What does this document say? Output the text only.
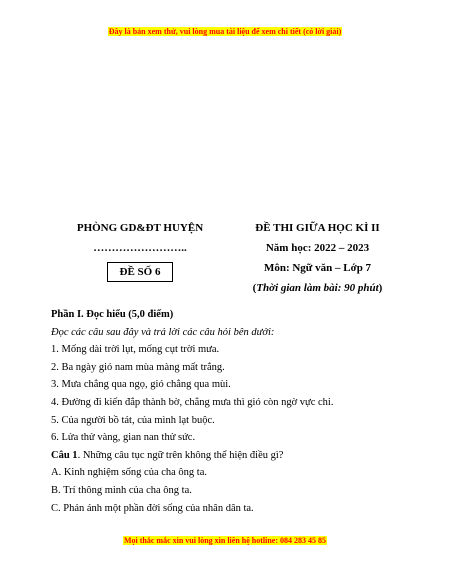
Đây là bản xem thử, vui lòng mua tài liệu để xem chi tiết (có lời giải)
PHÒNG GD&ĐT HUYỆN
……………………..
ĐỀ SỐ 6
ĐỀ THI GIỮA HỌC KÌ II
Năm học: 2022 – 2023
Môn: Ngữ văn – Lớp 7
(Thời gian làm bài: 90 phút)
Phần I. Đọc hiểu (5,0 điểm)
Đọc các câu sau đây và trả lời các câu hỏi bên dưới:
1. Mống dài trời lụt, mống cụt trời mưa.
2. Ba ngày gió nam mùa màng mất trắng.
3. Mưa chẳng qua ngọ, gió chẳng qua mùi.
4. Đường đi kiến đắp thành bờ, chẳng mưa thì gió còn ngờ vực chi.
5. Của người bồ tát, của mình lạt buộc.
6. Lửa thử vàng, gian nan thử sức.
Câu 1. Những câu tục ngữ trên không thể hiện điều gì?
A. Kinh nghiệm sống của cha ông ta.
B. Trí thông minh của cha ông ta.
C. Phản ánh một phần đời sống của nhân dân ta.
Mọi thắc mắc xin vui lòng xin liên hệ hotline: 084 283 45 85
